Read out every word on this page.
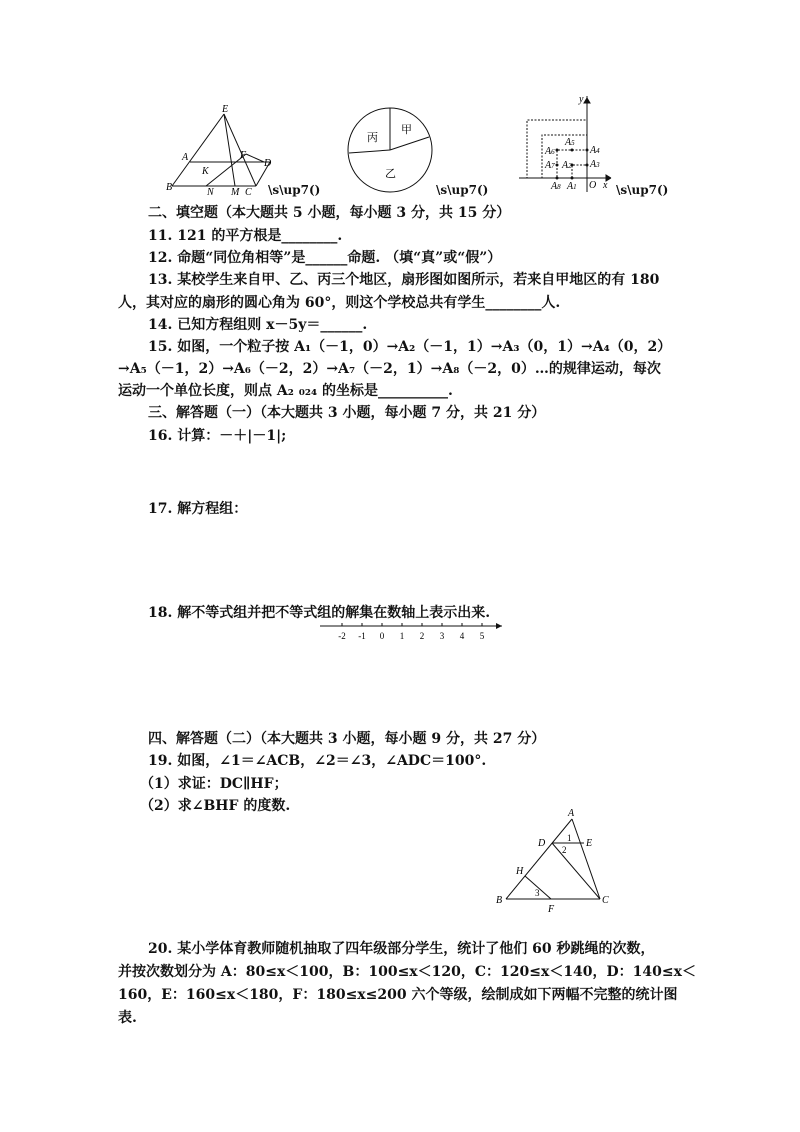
E
A	F
D
K
B	N M C \s\up7()
丙
甲
乙
\s\up7()
y
x
O
A8 A1
A3
A4
A5
A6
A7 A2
\s\up7()
二、填空题（本大题共 5 小题，每小题 3 分，共 15 分）
11. 121 的平方根是________.
12. 命题“同位角相等”是______命题. （填“真”或“假”）
13. 某校学生来自甲、乙、丙三个地区，扇形图如图所示，若来自甲地区的有 180
人，其对应的扇形的圆心角为 60°，则这个学校总共有学生________人.
14. 已知方程组则 x－5y＝______.
15. 如图，一个粒子按 A₁（－1，0）→A₂（－1，1）→A₃（0，1）→A₄（0，2）
→A₅（－1，2）→A₆（－2，2）→A₇（－2，1）→A₈（－2，0）…的规律运动，每次
运动一个单位长度，则点 A₂ ₀₂₄ 的坐标是__________.
三、解答题（一）（本大题共 3 小题，每小题 7 分，共 21 分）
16. 计算：－＋|－1|;
17. 解方程组：
18. 解不等式组并把不等式组的解集在数轴上表示出来.
-2 -1 0 1 2 3 4 5
四、解答题（二）（本大题共 3 小题，每小题 9 分，共 27 分）
19. 如图，∠1＝∠ACB，∠2＝∠3，∠ADC＝100°.
（1）求证：DC∥HF；
（2）求∠BHF 的度数.	A
D	E
H
B	C
F
1
2
3
20. 某小学体育教师随机抽取了四年级部分学生，统计了他们 60 秒跳绳的次数，
并按次数划分为 A：80≤x＜100，B：100≤x＜120，C：120≤x＜140，D：140≤x＜
160，E：160≤x＜180，F：180≤x≤200 六个等级，绘制成如下两幅不完整的统计图
表.
